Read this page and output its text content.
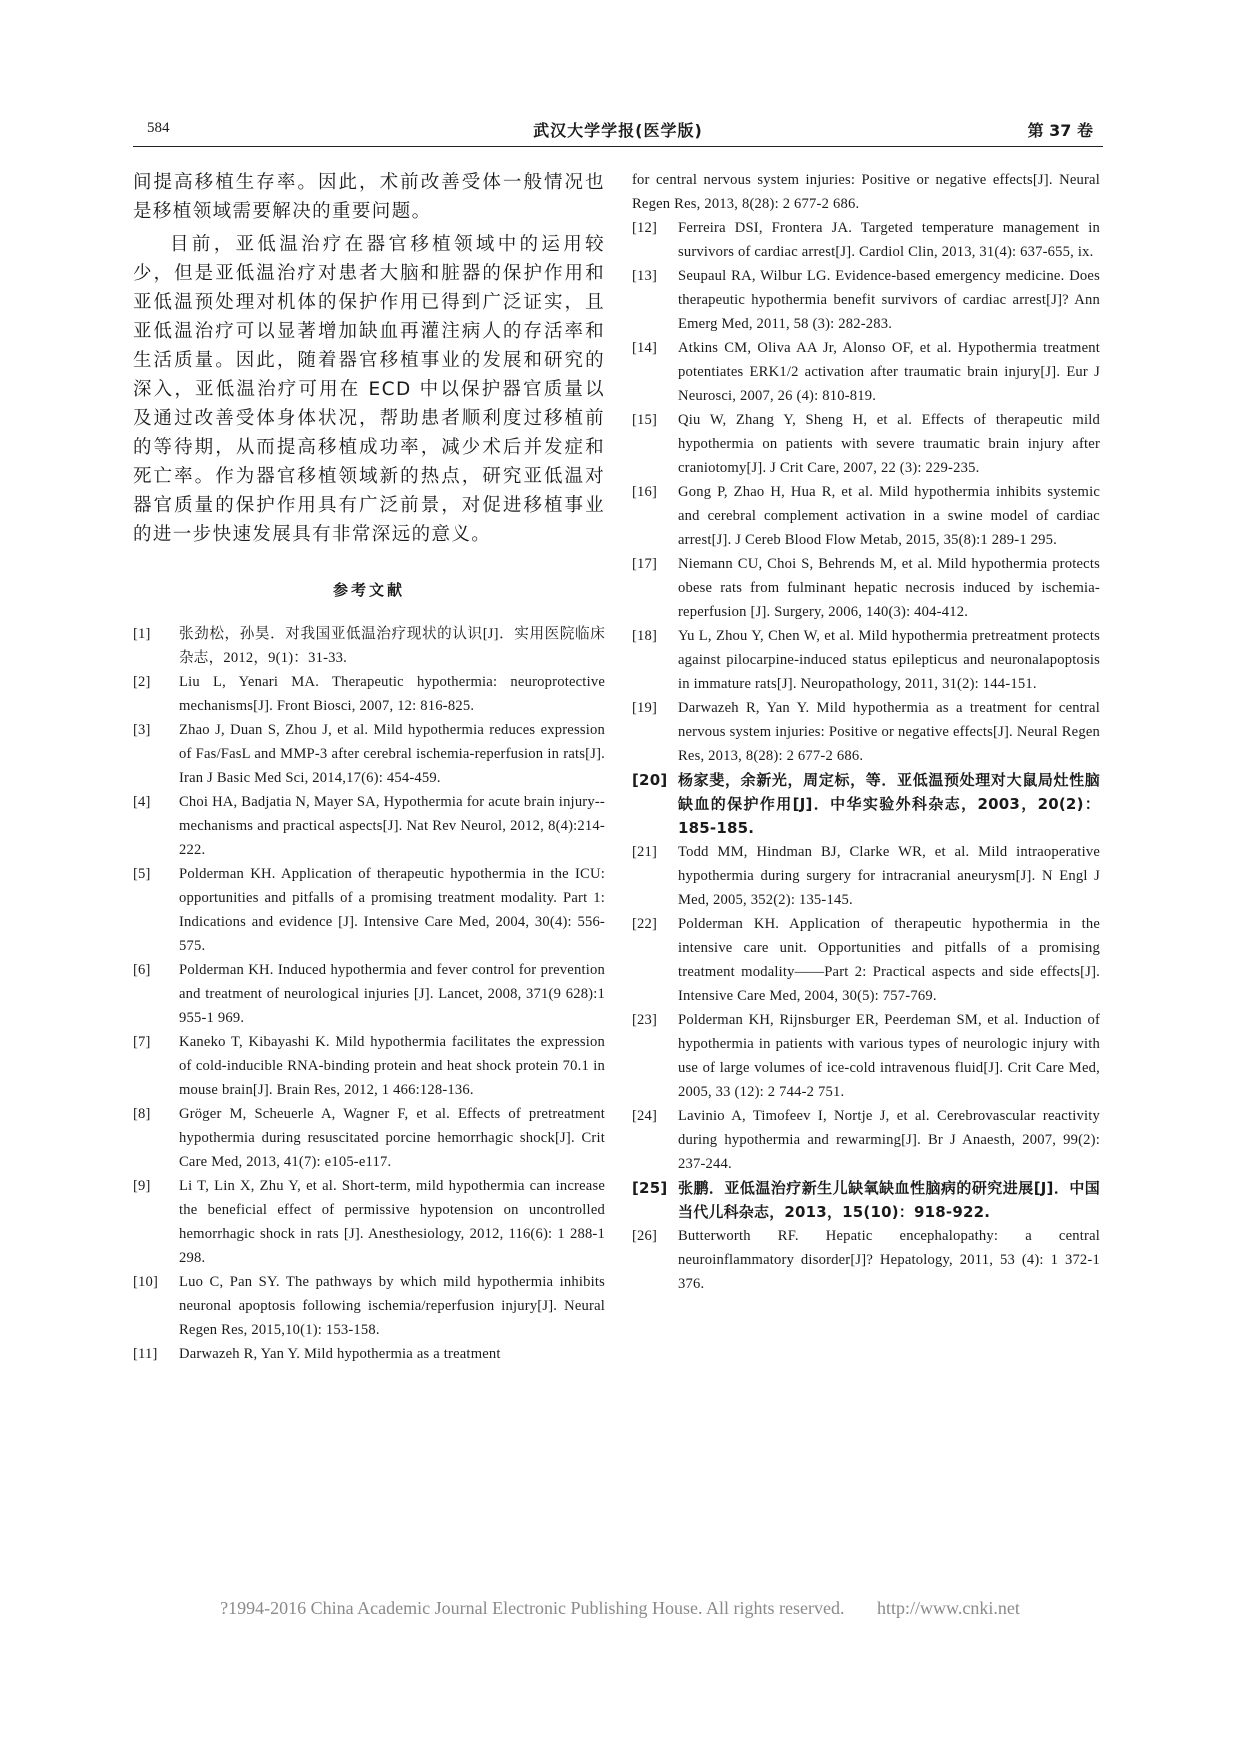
584	武汉大学学报(医学版)	第 37 卷

间提高移植生存率。因此，术前改善受体一般情况也是移植领域需要解决的重要问题。

目前，亚低温治疗在器官移植领域中的运用较少，但是亚低温治疗对患者大脑和脏器的保护作用和亚低温预处理对机体的保护作用已得到广泛证实，且亚低温治疗可以显著增加缺血再灌注病人的存活率和生活质量。因此，随着器官移植事业的发展和研究的深入，亚低温治疗可用在 ECD 中以保护器官质量以及通过改善受体身体状况，帮助患者顺利度过移植前的等待期，从而提高移植成功率，减少术后并发症和死亡率。作为器官移植领域新的热点，研究亚低温对器官质量的保护作用具有广泛前景，对促进移植事业的进一步快速发展具有非常深远的意义。

参考文献
[1] 张劲松，孙昊．对我国亚低温治疗现状的认识[J]．实用医院临床杂志，2012，9(1)：31-33.
[2] Liu L, Yenari MA. Therapeutic hypothermia: neuroprotective mechanisms[J]. Front Biosci, 2007, 12: 816-825.
[3] Zhao J, Duan S, Zhou J, et al. Mild hypothermia reduces expression of Fas/FasL and MMP-3 after cerebral ischemia-reperfusion in rats[J]. Iran J Basic Med Sci, 2014,17(6): 454-459.
[4] Choi HA, Badjatia N, Mayer SA, Hypothermia for acute brain injury--mechanisms and practical aspects[J]. Nat Rev Neurol, 2012, 8(4):214-222.
[5] Polderman KH. Application of therapeutic hypothermia in the ICU: opportunities and pitfalls of a promising treatment modality. Part 1: Indications and evidence [J]. Intensive Care Med, 2004, 30(4): 556-575.
[6] Polderman KH. Induced hypothermia and fever control for prevention and treatment of neurological injuries [J]. Lancet, 2008, 371(9 628):1 955-1 969.
[7] Kaneko T, Kibayashi K. Mild hypothermia facilitates the expression of cold-inducible RNA-binding protein and heat shock protein 70.1 in mouse brain[J]. Brain Res, 2012, 1 466:128-136.
[8] Gröger M, Scheuerle A, Wagner F, et al. Effects of pretreatment hypothermia during resuscitated porcine hemorrhagic shock[J]. Crit Care Med, 2013, 41(7): e105-e117.
[9] Li T, Lin X, Zhu Y, et al. Short-term, mild hypothermia can increase the beneficial effect of permissive hypotension on uncontrolled hemorrhagic shock in rats [J]. Anesthesiology, 2012, 116(6): 1 288-1 298.
[10] Luo C, Pan SY. The pathways by which mild hypothermia inhibits neuronal apoptosis following ischemia/reperfusion injury[J]. Neural Regen Res, 2015,10(1): 153-158.
[11] Darwazeh R, Yan Y. Mild hypothermia as a treatment
for central nervous system injuries: Positive or negative effects[J]. Neural Regen Res, 2013, 8(28): 2 677-2 686.
[12] Ferreira DSI, Frontera JA. Targeted temperature management in survivors of cardiac arrest[J]. Cardiol Clin, 2013, 31(4): 637-655, ix.
[13] Seupaul RA, Wilbur LG. Evidence-based emergency medicine. Does therapeutic hypothermia benefit survivors of cardiac arrest[J]? Ann Emerg Med, 2011, 58 (3): 282-283.
[14] Atkins CM, Oliva AA Jr, Alonso OF, et al. Hypothermia treatment potentiates ERK1/2 activation after traumatic brain injury[J]. Eur J Neurosci, 2007, 26 (4): 810-819.
[15] Qiu W, Zhang Y, Sheng H, et al. Effects of therapeutic mild hypothermia on patients with severe traumatic brain injury after craniotomy[J]. J Crit Care, 2007, 22 (3): 229-235.
[16] Gong P, Zhao H, Hua R, et al. Mild hypothermia inhibits systemic and cerebral complement activation in a swine model of cardiac arrest[J]. J Cereb Blood Flow Metab, 2015, 35(8):1 289-1 295.
[17] Niemann CU, Choi S, Behrends M, et al. Mild hypothermia protects obese rats from fulminant hepatic necrosis induced by ischemia-reperfusion [J]. Surgery, 2006, 140(3): 404-412.
[18] Yu L, Zhou Y, Chen W, et al. Mild hypothermia pretreatment protects against pilocarpine-induced status epilepticus and neuronalapoptosis in immature rats[J]. Neuropathology, 2011, 31(2): 144-151.
[19] Darwazeh R, Yan Y. Mild hypothermia as a treatment for central nervous system injuries: Positive or negative effects[J]. Neural Regen Res, 2013, 8(28): 2 677-2 686.
[20] 杨家斐，余新光，周定标，等．亚低温预处理对大鼠局灶性脑缺血的保护作用[J]．中华实验外科杂志，2003，20(2)：185-185.
[21] Todd MM, Hindman BJ, Clarke WR, et al. Mild intraoperative hypothermia during surgery for intracranial aneurysm[J]. N Engl J Med, 2005, 352(2): 135-145.
[22] Polderman KH. Application of therapeutic hypothermia in the intensive care unit. Opportunities and pitfalls of a promising treatment modality——Part 2: Practical aspects and side effects[J]. Intensive Care Med, 2004, 30(5): 757-769.
[23] Polderman KH, Rijnsburger ER, Peerdeman SM, et al. Induction of hypothermia in patients with various types of neurologic injury with use of large volumes of ice-cold intravenous fluid[J]. Crit Care Med, 2005, 33 (12): 2 744-2 751.
[24] Lavinio A, Timofeev I, Nortje J, et al. Cerebrovascular reactivity during hypothermia and rewarming[J]. Br J Anaesth, 2007, 99(2): 237-244.
[25] 张鹏．亚低温治疗新生儿缺氧缺血性脑病的研究进展[J]．中国当代儿科杂志，2013，15(10)：918-922.
[26] Butterworth RF. Hepatic encephalopathy: a central neuroinflammatory disorder[J]? Hepatology, 2011, 53 (4): 1 372-1 376.
?1994-2016 China Academic Journal Electronic Publishing House. All rights reserved. http://www.cnki.net
